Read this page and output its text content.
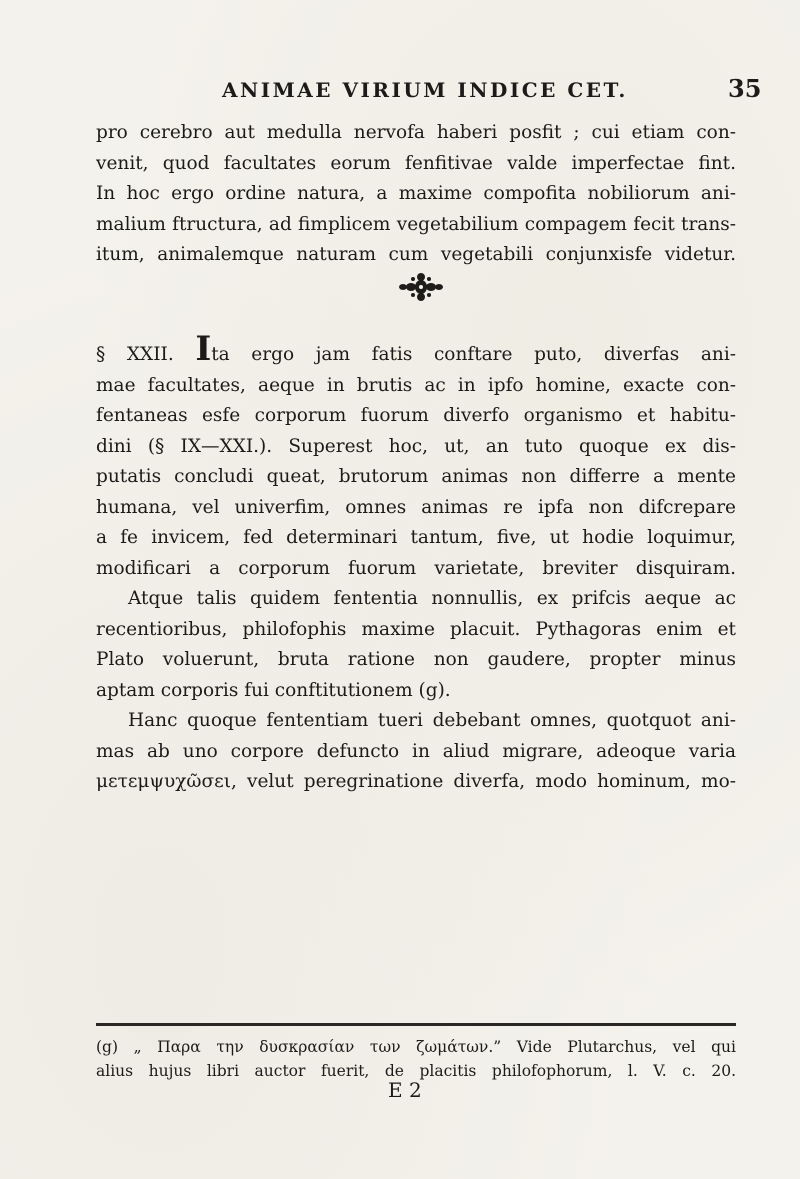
ANIMAE VIRIUM INDICE CET.	35
pro cerebro aut medulla nervofa haberi posfit ; cui etiam con-
venit, quod facultates eorum fenfitivae valde imperfectae fint.
In hoc ergo ordine natura, a maxime compofita nobiliorum ani-
malium ftructura, ad fimplicem vegetabilium compagem fecit trans-
itum, animalemque naturam cum vegetabili conjunxisfe videtur.
§ XXII. Ita ergo jam fatis conftare puto, diverfas ani-
mae facultates, aeque in brutis ac in ipfo homine, exacte con-
fentaneas esfe corporum fuorum diverfo organismo et habitu-
dini (§ IX—XXI.). Superest hoc, ut, an tuto quoque ex dis-
putatis concludi queat, brutorum animas non differre a mente
humana, vel univerfim, omnes animas re ipfa non difcrepare
a fe invicem, fed determinari tantum, five, ut hodie loquimur,
modificari a corporum fuorum varietate, breviter disquiram.
Atque talis quidem fententia nonnullis, ex prifcis aeque ac
recentioribus, philofophis maxime placuit. Pythagoras enim et
Plato voluerunt, bruta ratione non gaudere, propter minus
aptam corporis fui conftitutionem (g).
Hanc quoque fententiam tueri debebant omnes, quotquot ani-
mas ab uno corpore defuncto in aliud migrare, adeoque varia
μετεμψυχῶσει, velut peregrinatione diverfa, modo hominum, mo-
(g) „ Παρα την δυσκρασίαν των ζωμάτων.” Vide Plutarchus, vel qui
alius hujus libri auctor fuerit, de placitis philofophorum, l. V. c. 20.
E 2
